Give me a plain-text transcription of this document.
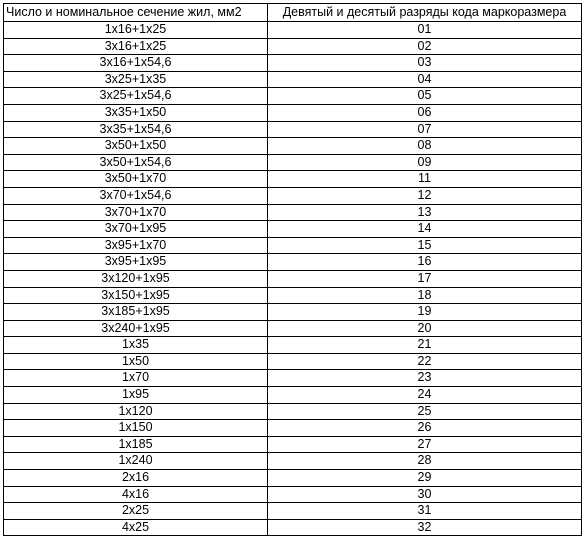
Число и номинальное сечение жил, мм2	Девятый и десятый разряды кода маркоразмера
1х16+1х25	01
3х16+1х25	02
3х16+1х54,6	03
3х25+1х35	04
3х25+1х54,6	05
3х35+1х50	06
3х35+1х54,6	07
3х50+1х50	08
3х50+1х54,6	09
3х50+1х70	11
3х70+1х54,6	12
3х70+1х70	13
3х70+1х95	14
3х95+1х70	15
3х95+1х95	16
3х120+1х95	17
3х150+1х95	18
3х185+1х95	19
3х240+1х95	20
1х35	21
1х50	22
1х70	23
1х95	24
1х120	25
1х150	26
1х185	27
1х240	28
2х16	29
4х16	30
2х25	31
4х25	32
